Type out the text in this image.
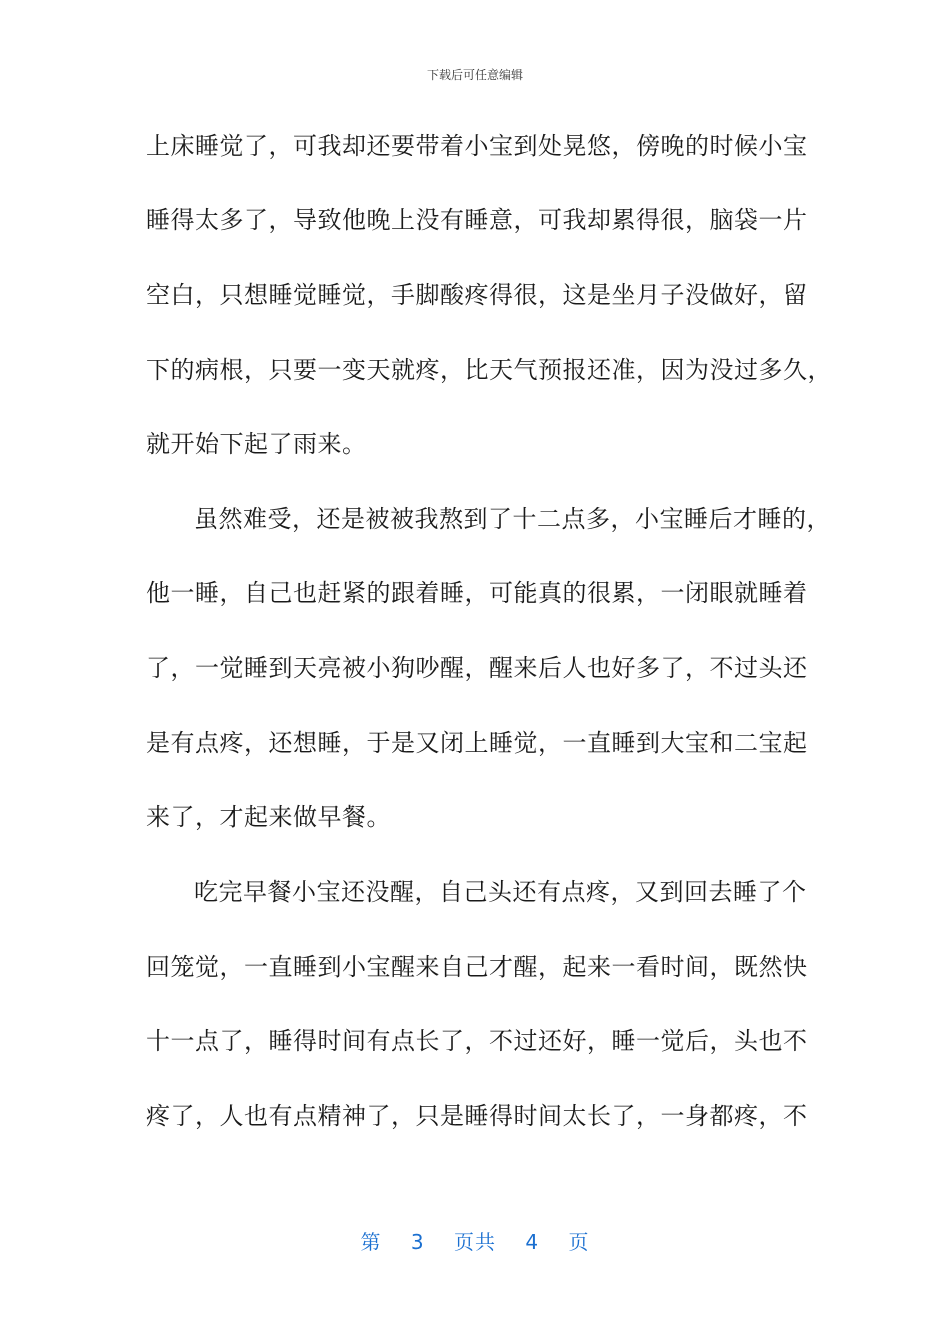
下载后可任意编辑
上床睡觉了，可我却还要带着小宝到处晃悠，傍晚的时候小宝
睡得太多了，导致他晚上没有睡意，可我却累得很，脑袋一片
空白，只想睡觉睡觉，手脚酸疼得很，这是坐月子没做好，留
下的病根，只要一变天就疼，比天气预报还准，因为没过多久，
就开始下起了雨来。
虽然难受，还是被被我熬到了十二点多，小宝睡后才睡的，
他一睡，自己也赶紧的跟着睡，可能真的很累，一闭眼就睡着
了，一觉睡到天亮被小狗吵醒，醒来后人也好多了，不过头还
是有点疼，还想睡，于是又闭上睡觉，一直睡到大宝和二宝起
来了，才起来做早餐。
吃完早餐小宝还没醒，自己头还有点疼，又到回去睡了个
回笼觉，一直睡到小宝醒来自己才醒，起来一看时间，既然快
十一点了，睡得时间有点长了，不过还好，睡一觉后，头也不
疼了，人也有点精神了，只是睡得时间太长了，一身都疼，不
第 3 页共 4 页
